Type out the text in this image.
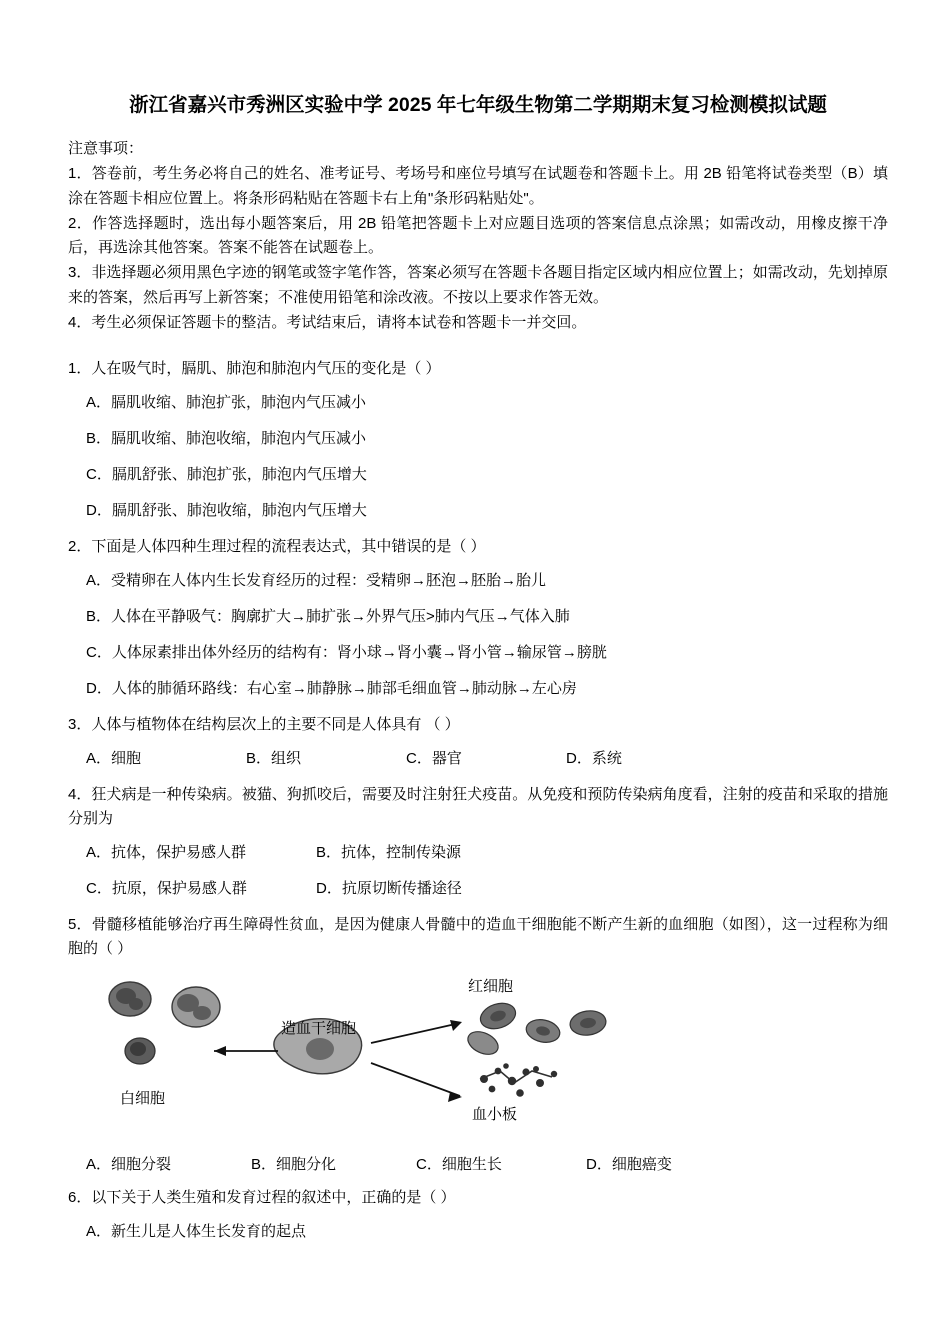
浙江省嘉兴市秀洲区实验中学 2025 年七年级生物第二学期期末复习检测模拟试题

注意事项：

1．答卷前，考生务必将自己的姓名、准考证号、考场号和座位号填写在试题卷和答题卡上。用 2B 铅笔将试卷类型（B）填涂在答题卡相应位置上。将条形码粘贴在答题卡右上角"条形码粘贴处"。

2．作答选择题时，选出每小题答案后，用 2B 铅笔把答题卡上对应题目选项的答案信息点涂黑；如需改动，用橡皮擦干净后，再选涂其他答案。答案不能答在试题卷上。

3．非选择题必须用黑色字迹的钢笔或签字笔作答，答案必须写在答题卡各题目指定区域内相应位置上；如需改动，先划掉原来的答案，然后再写上新答案；不准使用铅笔和涂改液。不按以上要求作答无效。

4．考生必须保证答题卡的整洁。考试结束后，请将本试卷和答题卡一并交回。

1．人在吸气时，膈肌、肺泡和肺泡内气压的变化是（ ）

A．膈肌收缩、肺泡扩张，肺泡内气压减小

B．膈肌收缩、肺泡收缩，肺泡内气压减小

C．膈肌舒张、肺泡扩张，肺泡内气压增大

D．膈肌舒张、肺泡收缩，肺泡内气压增大

2．下面是人体四种生理过程的流程表达式，其中错误的是（ ）

A．受精卵在人体内生长发育经历的过程：受精卵→胚泡→胚胎→胎儿

B．人体在平静吸气：胸廓扩大→肺扩张→外界气压>肺内气压→气体入肺

C．人体尿素排出体外经历的结构有：肾小球→肾小囊→肾小管→输尿管→膀胱

D．人体的肺循环路线：右心室→肺静脉→肺部毛细血管→肺动脉→左心房

3．人体与植物体在结构层次上的主要不同是人体具有 （ ）

A．细胞	B．组织	C．器官	D．系统

4．狂犬病是一种传染病。被猫、狗抓咬后，需要及时注射狂犬疫苗。从免疫和预防传染病角度看，注射的疫苗和采取的措施分别为

A．抗体，保护易感人群	B．抗体，控制传染源

C．抗原，保护易感人群	D．抗原切断传播途径

5．骨髓移植能够治疗再生障碍性贫血，是因为健康人骨髓中的造血干细胞能不断产生新的血细胞（如图），这一过程称为细胞的（ ）

造血干细胞
红细胞
血小板
白细胞

A．细胞分裂	B．细胞分化	C．细胞生长	D．细胞癌变

6．以下关于人类生殖和发育过程的叙述中，正确的是（ ）

A．新生儿是人体生长发育的起点
